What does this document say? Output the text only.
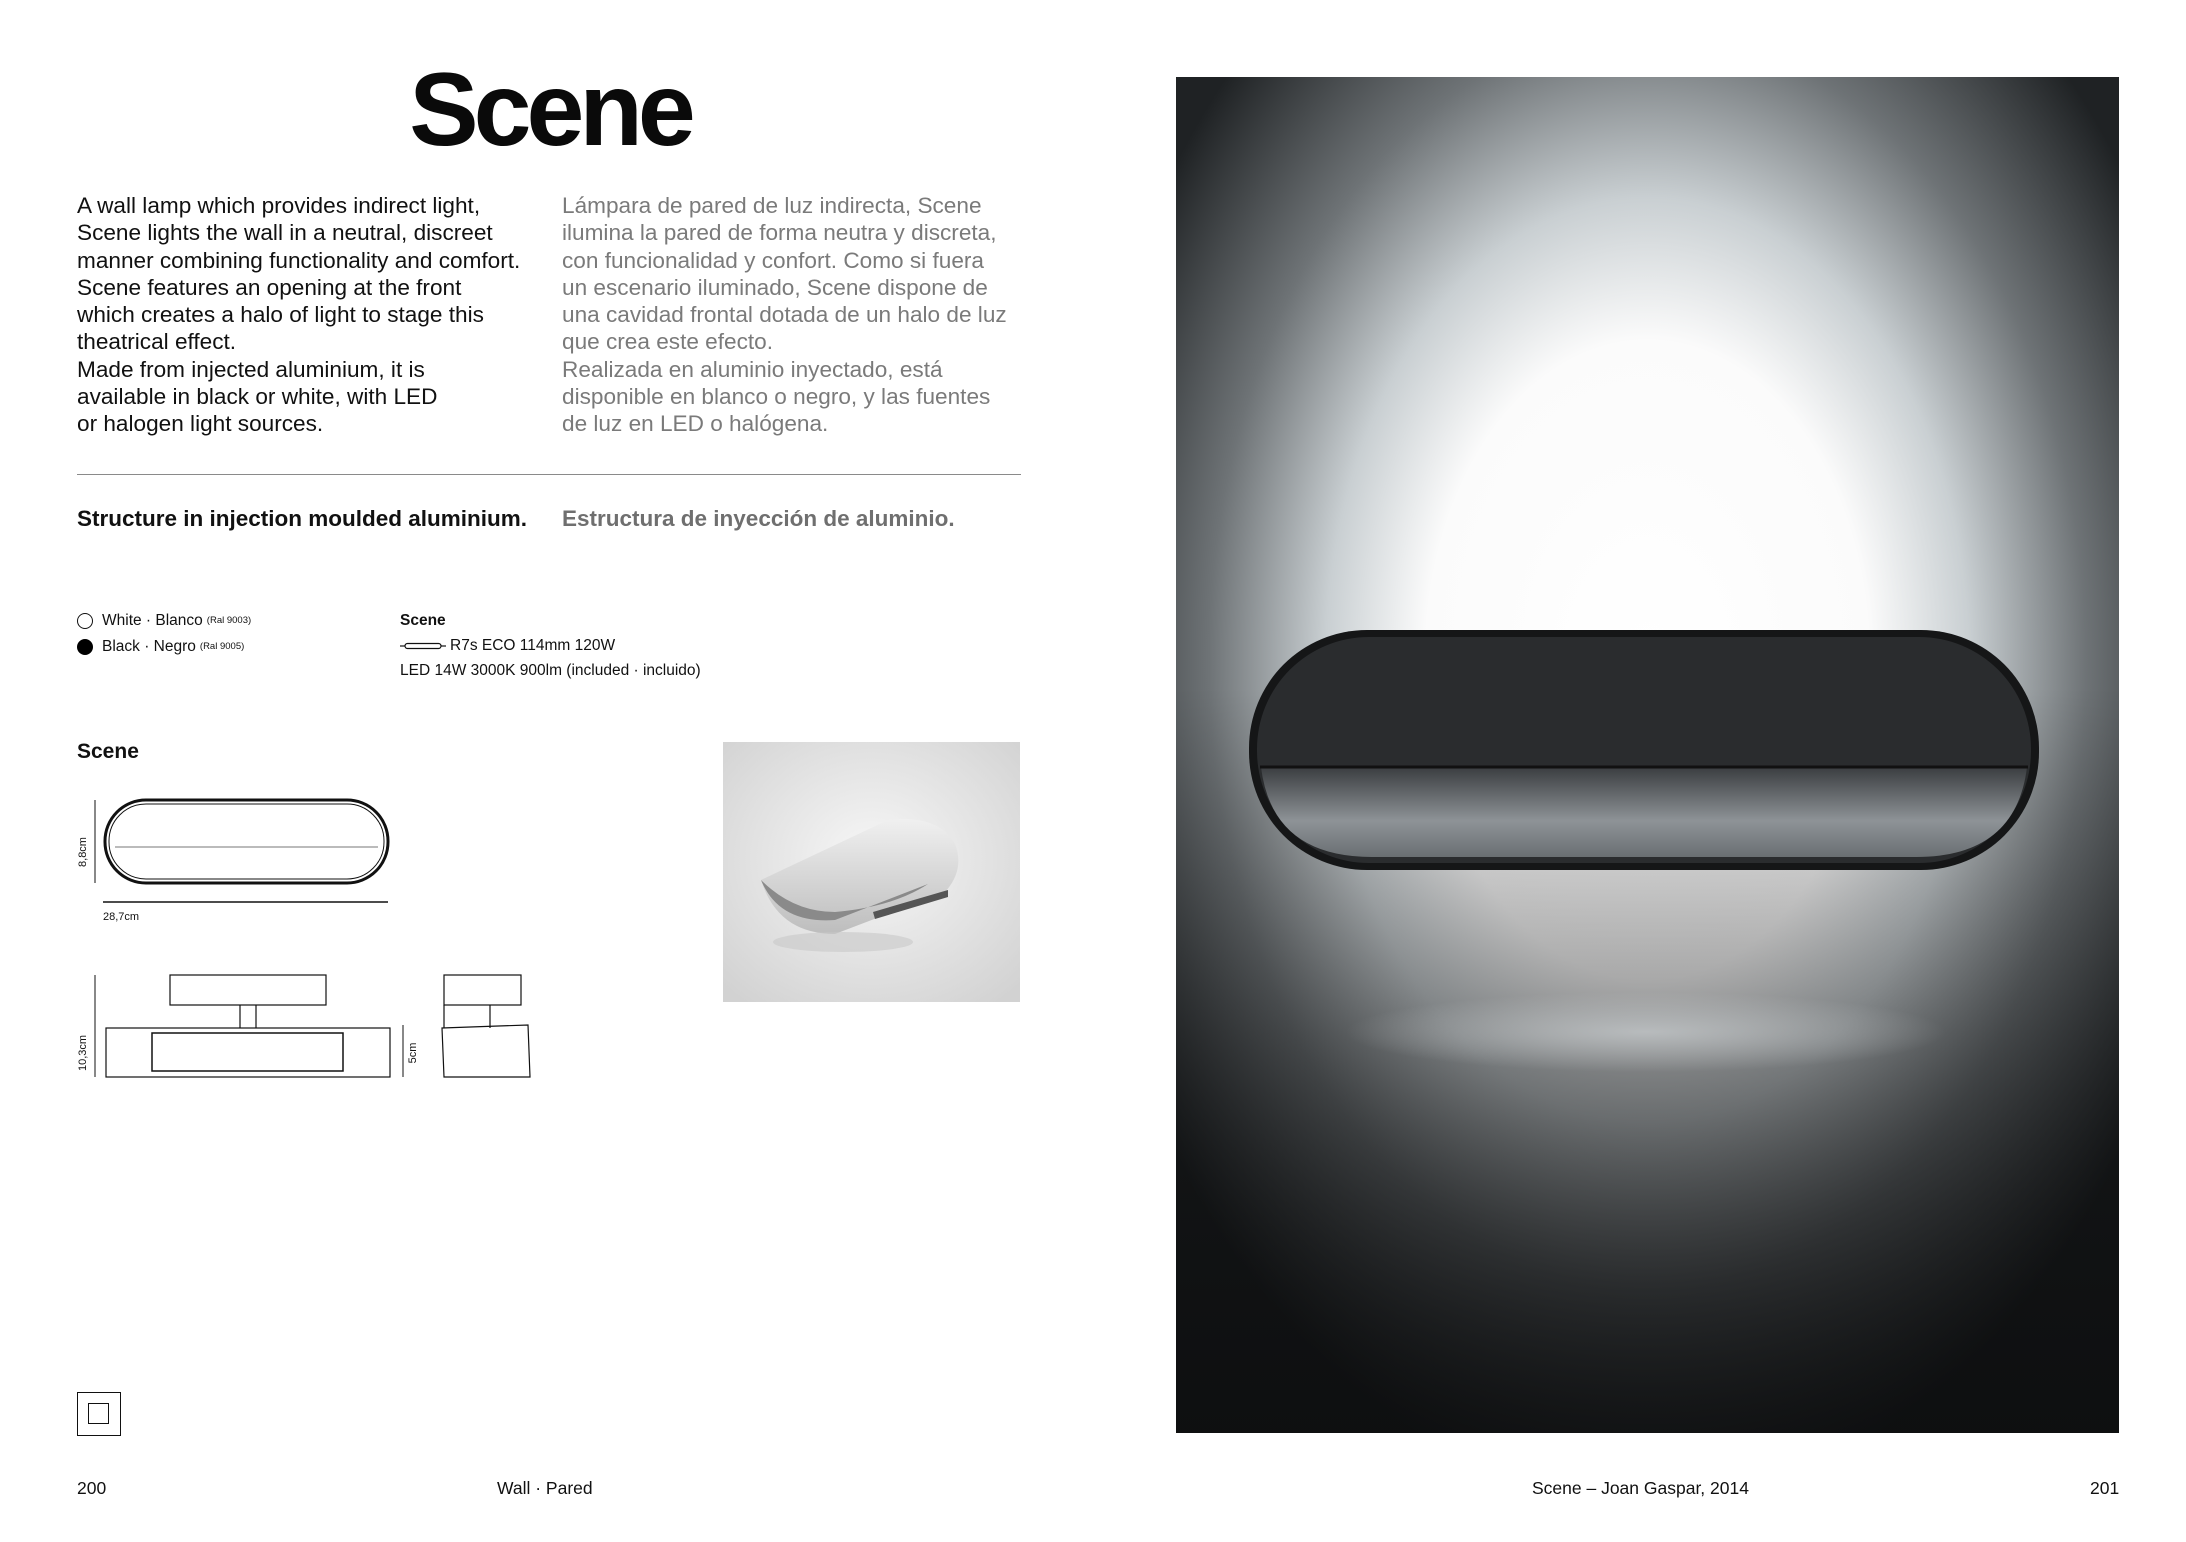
Scene
A wall lamp which provides indirect light,
Scene lights the wall in a neutral, discreet
manner combining functionality and comfort.
Scene features an opening at the front
which creates a halo of light to stage this
theatrical effect.
Made from injected aluminium, it is
available in black or white, with LED
or halogen light sources.
Lámpara de pared de luz indirecta, Scene
ilumina la pared de forma neutra y discreta,
con funcionalidad y confort. Como si fuera
un escenario iluminado, Scene dispone de
una cavidad frontal dotada de un halo de luz
que crea este efecto.
Realizada en aluminio inyectado, está
disponible en blanco o negro, y las fuentes
de luz en LED o halógena.
Structure in injection moulded aluminium. Estructura de inyección de aluminio.
White · Blanco (Ral 9003)
Black · Negro (Ral 9005)
Scene
R7s ECO 114mm 120W
LED 14W 3000K 900lm (included · incluido)
Scene
8,8cm
28,7cm
10,3cm	5cm
200	Wall · Pared	Scene – Joan Gaspar, 2014	201
